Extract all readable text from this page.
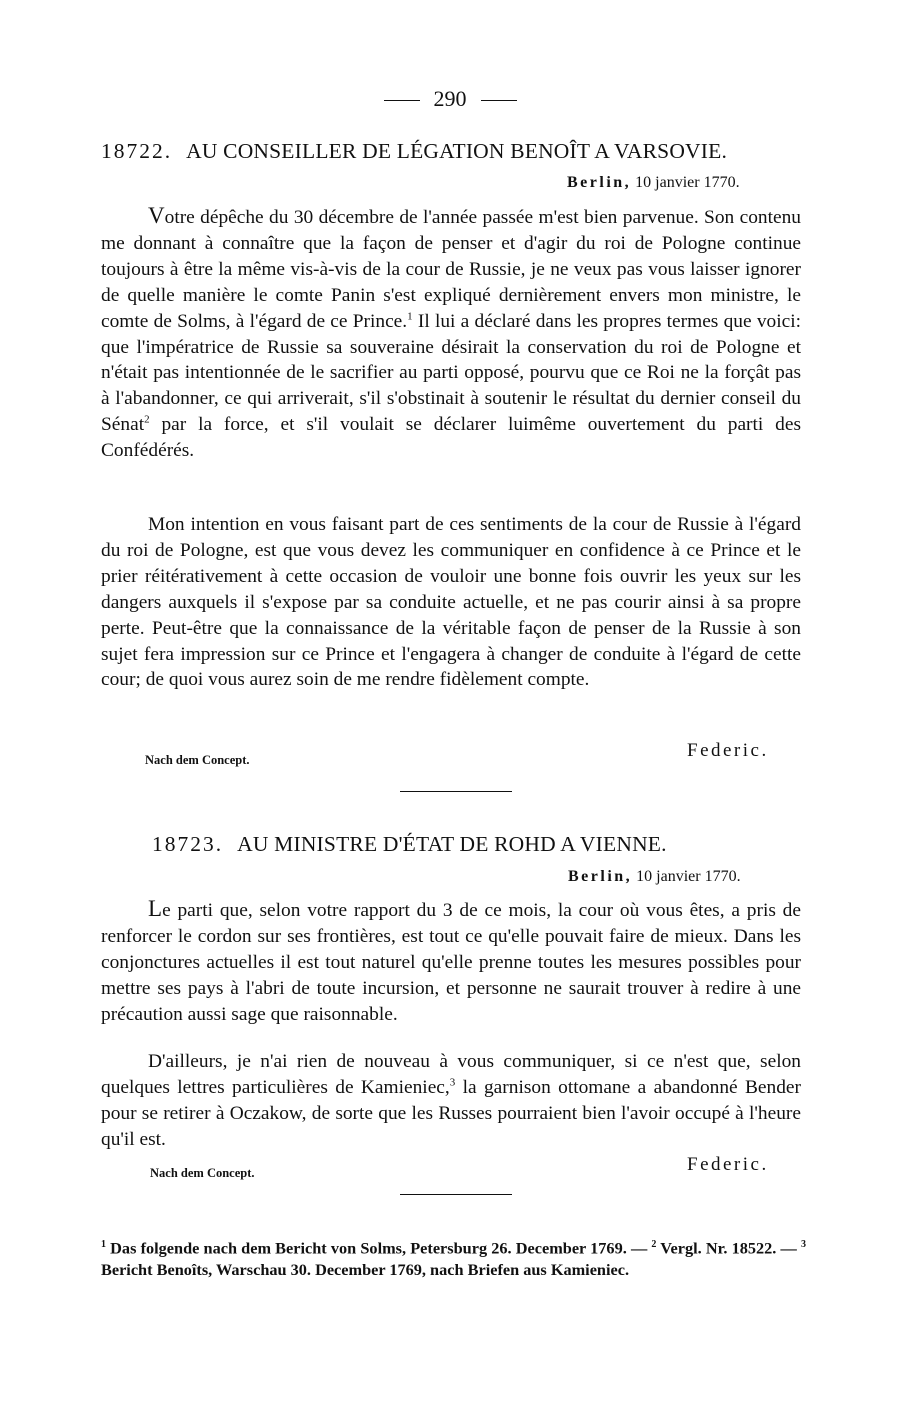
290
18722. AU CONSEILLER DE LÉGATION BENOÎT A VARSOVIE.
Berlin, 10 janvier 1770.

Votre dépêche du 30 décembre de l'année passée m'est bien parvenue. Son contenu me donnant à connaître que la façon de penser et d'agir du roi de Pologne continue toujours à être la même vis-à-vis de la cour de Russie, je ne veux pas vous laisser ignorer de quelle manière le comte Panin s'est expliqué dernièrement envers mon ministre, le comte de Solms, à l'égard de ce Prince.$^1$ Il lui a déclaré dans les propres termes que voici: que l'impératrice de Russie sa souveraine désirait la conservation du roi de Pologne et n'était pas intentionnée de le sacrifier au parti opposé, pourvu que ce Roi ne la forçât pas à l'abandonner, ce qui arriverait, s'il s'obstinait à soutenir le résultat du dernier conseil du Sénat$^2$ par la force, et s'il voulait se déclarer luimême ouvertement du parti des Confédérés.

Mon intention en vous faisant part de ces sentiments de la cour de Russie à l'égard du roi de Pologne, est que vous devez les communiquer en confidence à ce Prince et le prier réitérativement à cette occasion de vouloir une bonne fois ouvrir les yeux sur les dangers auxquels il s'expose par sa conduite actuelle, et ne pas courir ainsi à sa propre perte. Peut-être que la connaissance de la véritable façon de penser de la Russie à son sujet fera impression sur ce Prince et l'engagera à changer de conduite à l'égard de cette cour; de quoi vous aurez soin de me rendre fidèlement compte.

Nach dem Concept.	Federic.
18723. AU MINISTRE D'ÉTAT DE ROHD A VIENNE.
Berlin, 10 janvier 1770.

Le parti que, selon votre rapport du 3 de ce mois, la cour où vous êtes, a pris de renforcer le cordon sur ses frontières, est tout ce qu'elle pouvait faire de mieux. Dans les conjonctures actuelles il est tout naturel qu'elle prenne toutes les mesures possibles pour mettre ses pays à l'abri de toute incursion, et personne ne saurait trouver à redire à une précaution aussi sage que raisonnable.

D'ailleurs, je n'ai rien de nouveau à vous communiquer, si ce n'est que, selon quelques lettres particulières de Kamieniec,$^3$ la garnison ottomane a abandonné Bender pour se retirer à Oczakow, de sorte que les Russes pourraient bien l'avoir occupé à l'heure qu'il est.

Nach dem Concept.	Federic.
$^1$ Das folgende nach dem Bericht von Solms, Petersburg 26. December 1769. — $^2$ Vergl. Nr. 18522. — $^3$ Bericht Benoîts, Warschau 30. December 1769, nach Briefen aus Kamieniec.
